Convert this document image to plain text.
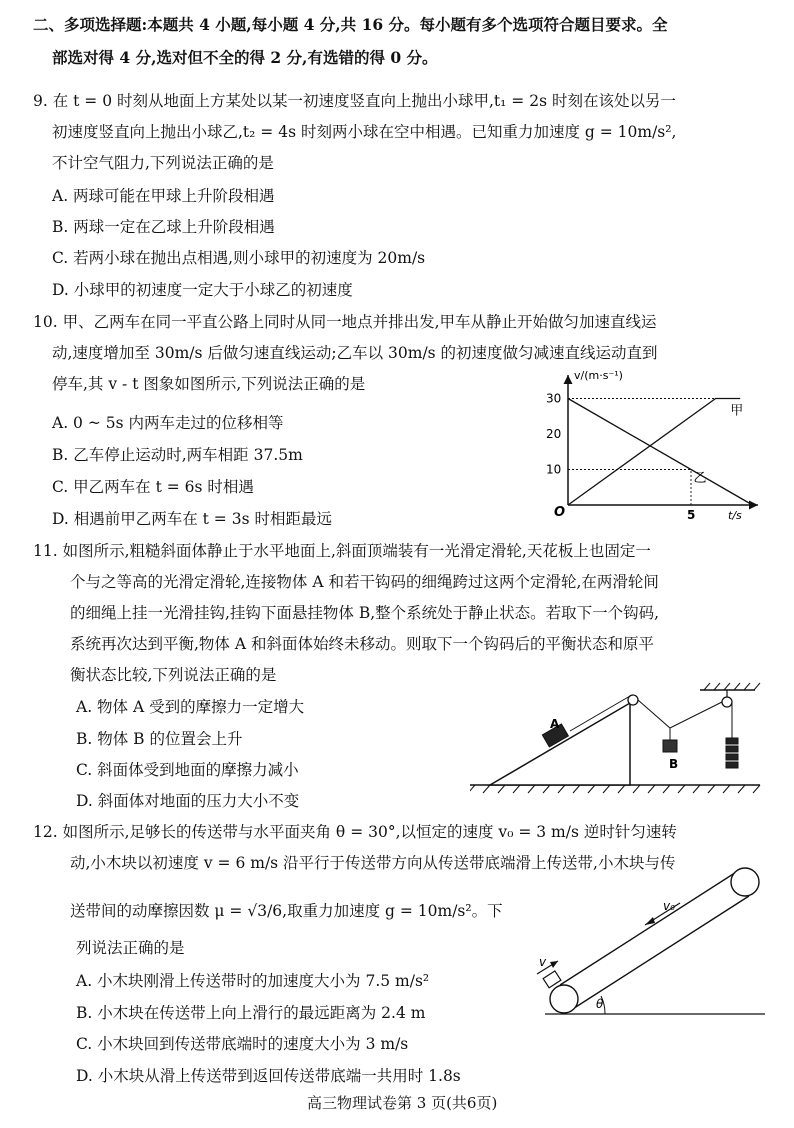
二、多项选择题:本题共 4 小题,每小题 4 分,共 16 分。每小题有多个选项符合题目要求。全
部选对得 4 分,选对但不全的得 2 分,有选错的得 0 分。
9. 在 t = 0 时刻从地面上方某处以某一初速度竖直向上抛出小球甲,t₁ = 2s 时刻在该处以另一
初速度竖直向上抛出小球乙,t₂ = 4s 时刻两小球在空中相遇。已知重力加速度 g = 10m/s²,
不计空气阻力,下列说法正确的是
A. 两球可能在甲球上升阶段相遇
B. 两球一定在乙球上升阶段相遇
C. 若两小球在抛出点相遇,则小球甲的初速度为 20m/s
D. 小球甲的初速度一定大于小球乙的初速度
10. 甲、乙两车在同一平直公路上同时从同一地点并排出发,甲车从静止开始做匀加速直线运
动,速度增加至 30m/s 后做匀速直线运动;乙车以 30m/s 的初速度做匀减速直线运动直到
停车,其 v - t 图象如图所示,下列说法正确的是
A. 0 ~ 5s 内两车走过的位移相等
B. 乙车停止运动时,两车相距 37.5m
C. 甲乙两车在 t = 6s 时相遇
D. 相遇前甲乙两车在 t = 3s 时相距最远
甲
乙
10
20
30
5
v/(m·s⁻¹)
t/s
O
11. 如图所示,粗糙斜面体静止于水平地面上,斜面顶端装有一光滑定滑轮,天花板上也固定一
个与之等高的光滑定滑轮,连接物体 A 和若干钩码的细绳跨过这两个定滑轮,在两滑轮间
的细绳上挂一光滑挂钩,挂钩下面悬挂物体 B,整个系统处于静止状态。若取下一个钩码,
系统再次达到平衡,物体 A 和斜面体始终未移动。则取下一个钩码后的平衡状态和原平
衡状态比较,下列说法正确的是
A. 物体 A 受到的摩擦力一定增大
B. 物体 B 的位置会上升
C. 斜面体受到地面的摩擦力减小
D. 斜面体对地面的压力大小不变
A
B
12. 如图所示,足够长的传送带与水平面夹角 θ = 30°,以恒定的速度 v₀ = 3 m/s 逆时针匀速转
动,小木块以初速度 v = 6 m/s 沿平行于传送带方向从传送带底端滑上传送带,小木块与传
送带间的动摩擦因数 μ = √3/6,取重力加速度 g = 10m/s²。下
列说法正确的是
A. 小木块刚滑上传送带时的加速度大小为 7.5 m/s²
B. 小木块在传送带上向上滑行的最远距离为 2.4 m
C. 小木块回到传送带底端时的速度大小为 3 m/s
D. 小木块从滑上传送带到返回传送带底端一共用时 1.8s
θ
v₀
v
高三物理试卷第 3 页(共6页)
